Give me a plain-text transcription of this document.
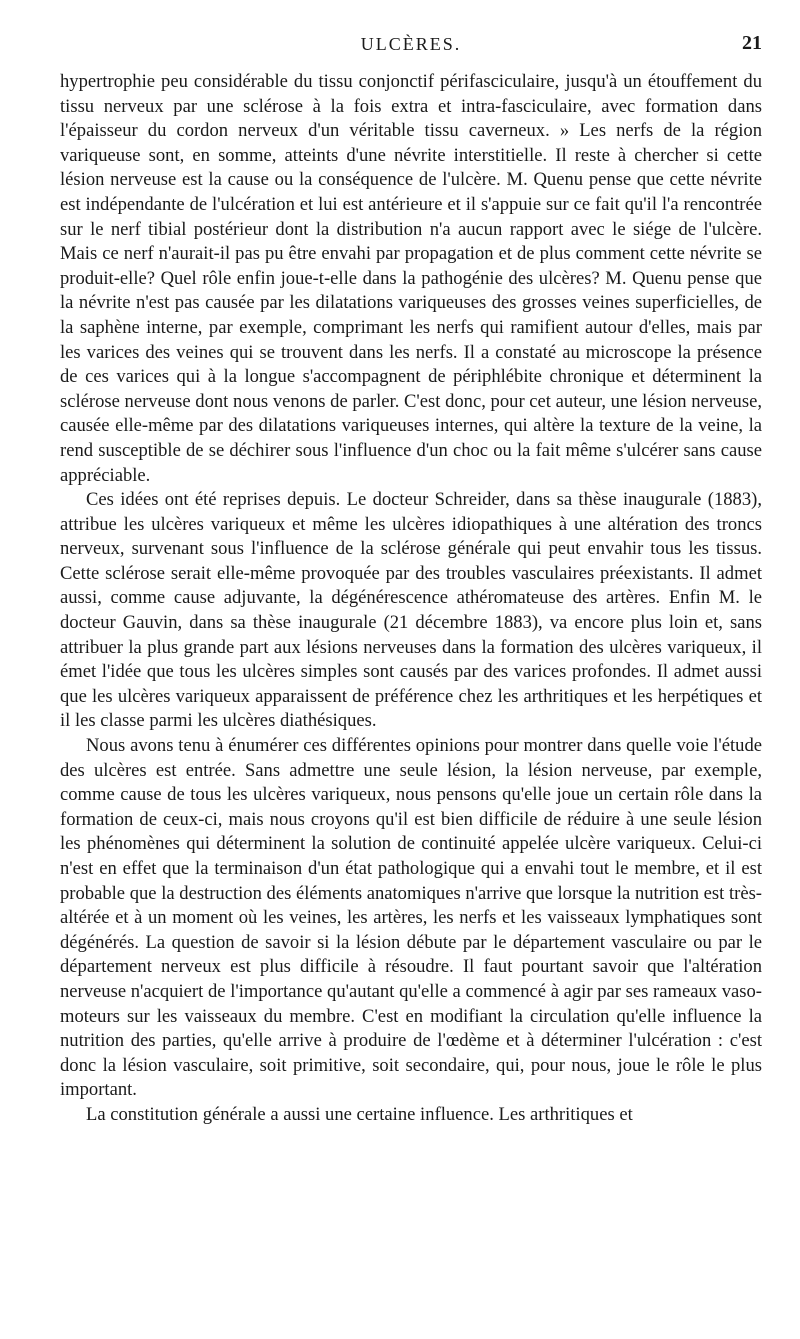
ULCÈRES.	21

hypertrophie peu considérable du tissu conjonctif périfasciculaire, jusqu'à un étouffement du tissu nerveux par une sclérose à la fois extra et intra-fasciculaire, avec formation dans l'épaisseur du cordon nerveux d'un véritable tissu caverneux. » Les nerfs de la région variqueuse sont, en somme, atteints d'une névrite interstitielle. Il reste à chercher si cette lésion nerveuse est la cause ou la conséquence de l'ulcère. M. Quenu pense que cette névrite est indépendante de l'ulcération et lui est antérieure et il s'appuie sur ce fait qu'il l'a rencontrée sur le nerf tibial postérieur dont la distribution n'a aucun rapport avec le siége de l'ulcère. Mais ce nerf n'aurait-il pas pu être envahi par propagation et de plus comment cette névrite se produit-elle? Quel rôle enfin joue-t-elle dans la pathogénie des ulcères? M. Quenu pense que la névrite n'est pas causée par les dilatations variqueuses des grosses veines superficielles, de la saphène interne, par exemple, comprimant les nerfs qui ramifient autour d'elles, mais par les varices des veines qui se trouvent dans les nerfs. Il a constaté au microscope la présence de ces varices qui à la longue s'accompagnent de périphlébite chronique et déterminent la sclérose nerveuse dont nous venons de parler. C'est donc, pour cet auteur, une lésion nerveuse, causée elle-même par des dilatations variqueuses internes, qui altère la texture de la veine, la rend susceptible de se déchirer sous l'influence d'un choc ou la fait même s'ulcérer sans cause appréciable.

Ces idées ont été reprises depuis. Le docteur Schreider, dans sa thèse inaugurale (1883), attribue les ulcères variqueux et même les ulcères idiopathiques à une altération des troncs nerveux, survenant sous l'influence de la sclérose générale qui peut envahir tous les tissus. Cette sclérose serait elle-même provoquée par des troubles vasculaires préexistants. Il admet aussi, comme cause adjuvante, la dégénérescence athéromateuse des artères. Enfin M. le docteur Gauvin, dans sa thèse inaugurale (21 décembre 1883), va encore plus loin et, sans attribuer la plus grande part aux lésions nerveuses dans la formation des ulcères variqueux, il émet l'idée que tous les ulcères simples sont causés par des varices profondes. Il admet aussi que les ulcères variqueux apparaissent de préférence chez les arthritiques et les herpétiques et il les classe parmi les ulcères diathésiques.

Nous avons tenu à énumérer ces différentes opinions pour montrer dans quelle voie l'étude des ulcères est entrée. Sans admettre une seule lésion, la lésion nerveuse, par exemple, comme cause de tous les ulcères variqueux, nous pensons qu'elle joue un certain rôle dans la formation de ceux-ci, mais nous croyons qu'il est bien difficile de réduire à une seule lésion les phénomènes qui déterminent la solution de continuité appelée ulcère variqueux. Celui-ci n'est en effet que la terminaison d'un état pathologique qui a envahi tout le membre, et il est probable que la destruction des éléments anatomiques n'arrive que lorsque la nutrition est très-altérée et à un moment où les veines, les artères, les nerfs et les vaisseaux lymphatiques sont dégénérés. La question de savoir si la lésion débute par le département vasculaire ou par le département nerveux est plus difficile à résoudre. Il faut pourtant savoir que l'altération nerveuse n'acquiert de l'importance qu'autant qu'elle a commencé à agir par ses rameaux vaso-moteurs sur les vaisseaux du membre. C'est en modifiant la circulation qu'elle influence la nutrition des parties, qu'elle arrive à produire de l'œdème et à déterminer l'ulcération : c'est donc la lésion vasculaire, soit primitive, soit secondaire, qui, pour nous, joue le rôle le plus important.

La constitution générale a aussi une certaine influence. Les arthritiques et
